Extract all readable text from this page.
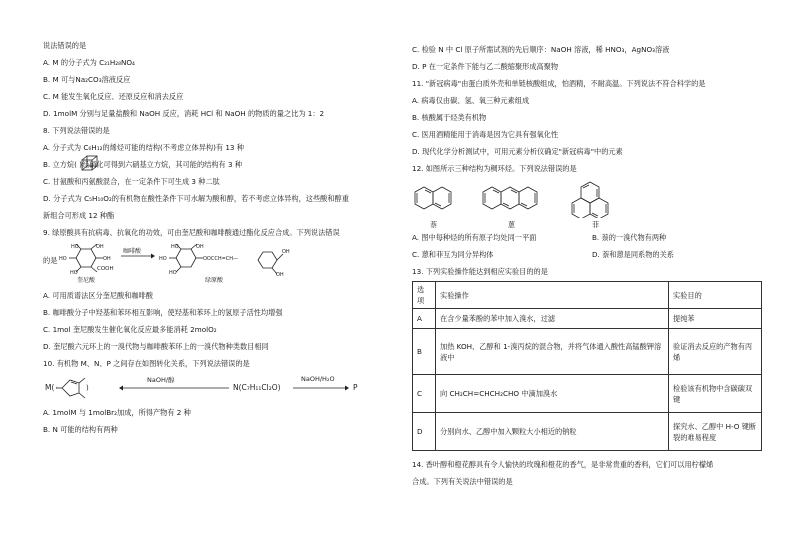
说法错误的是
A. M 的分子式为 C₂₁H₂₈NO₄
B. M 可与Na₂CO₃溶液反应
C. M 能发生氧化反应、还原反应和消去反应
D. 1molM 分别与足量盐酸和 NaOH 反应，消耗 HCl 和 NaOH 的物质的量之比为 1：2
8. 下列说法错误的是
A. 分子式为 C₆H₁₂的烯烃可能的结构(不考虑立体异构)有 13 种
B. 立方烷( )经硝化可得到六硝基立方烷，其可能的结构有 3 种
C. 甘氨酸和丙氨酸混合，在一定条件下可生成 3 种二肽
D. 分子式为 C₅H₁₀O₂的有机物在酸性条件下可水解为酸和醇，若不考虑立体异构，这些酸和醇重
新组合可形成 12 种酯
9. 绿原酸具有抗病毒、抗氧化的功效，可由奎尼酸和咖啡酸通过酯化反应合成。下列说法错误
的是 HO
HO	OH
OH
HO
COOH
咖啡酸
HO
HO	OH
OOCCH=CH—
HO
OH
OH
奎尼酸	绿原酸
A. 可用质谱法区分奎尼酸和咖啡酸
B. 咖啡酸分子中羟基和苯环相互影响，使羟基和苯环上的氢原子活性均增强
C. 1mol 奎尼酸发生催化氧化反应最多能消耗 2molO₂
D. 奎尼酸六元环上的一溴代物与咖啡酸苯环上的一溴代物种类数目相同
10. 有机物 M、N、P 之间存在如图转化关系，下列说法错误的是
M(	)
NaOH/醇
N(C₇H₁₁Cl₂O)
NaOH/H₂O
P
A. 1molM 与 1molBr₂加成，所得产物有 2 种
B. N 可能的结构有两种
C. 检验 N 中 Cl 原子所需试剂的先后顺序：NaOH 溶液，稀 HNO₃，AgNO₃溶液
D. P 在一定条件下能与乙二酸缩聚形成高聚物
11. "新冠病毒"由蛋白质外壳和单链核酸组成，怕酒精，不耐高温。下列说法不符合科学的是
A. 病毒仅由碳、氢、氧三种元素组成
B. 核酸属于烃类有机物
C. 医用酒精能用于消毒是因为它具有强氧化性
D. 现代化学分析测试中，可用元素分析仪确定"新冠病毒"中的元素
12. 如图所示三种结构为稠环烃。下列说法错误的是
萘	蒽	菲
A. 图中每种烃的所有原子均处同一平面	B. 萘的一溴代物有两种
C. 蒽和菲互为同分异构体	D. 萘和蒽是同系物的关系
13. 下列实验操作能达到相应实验目的的是
选项	实验操作	实验目的
A	在含少量苯酚的苯中加入溴水，过滤	提纯苯
B	加热 KOH、乙醇和 1-溴丙烷的混合物，并将气体通入酸性高锰酸钾溶液中	验证消去反应的产物有丙烯
C	向 CH₂CH=CHCH₂CHO 中滴加溴水	检验该有机物中含碳碳双键
D	分别向水、乙醇中加入颗粒大小相近的钠粒	探究水、乙醇中 H-O 键断裂的难易程度
14. 香叶醇和橙花醇具有令人愉快的玫瑰和橙花的香气，是非常贵重的香料，它们可以用柠檬烯
合成。下列有关说法中错误的是
